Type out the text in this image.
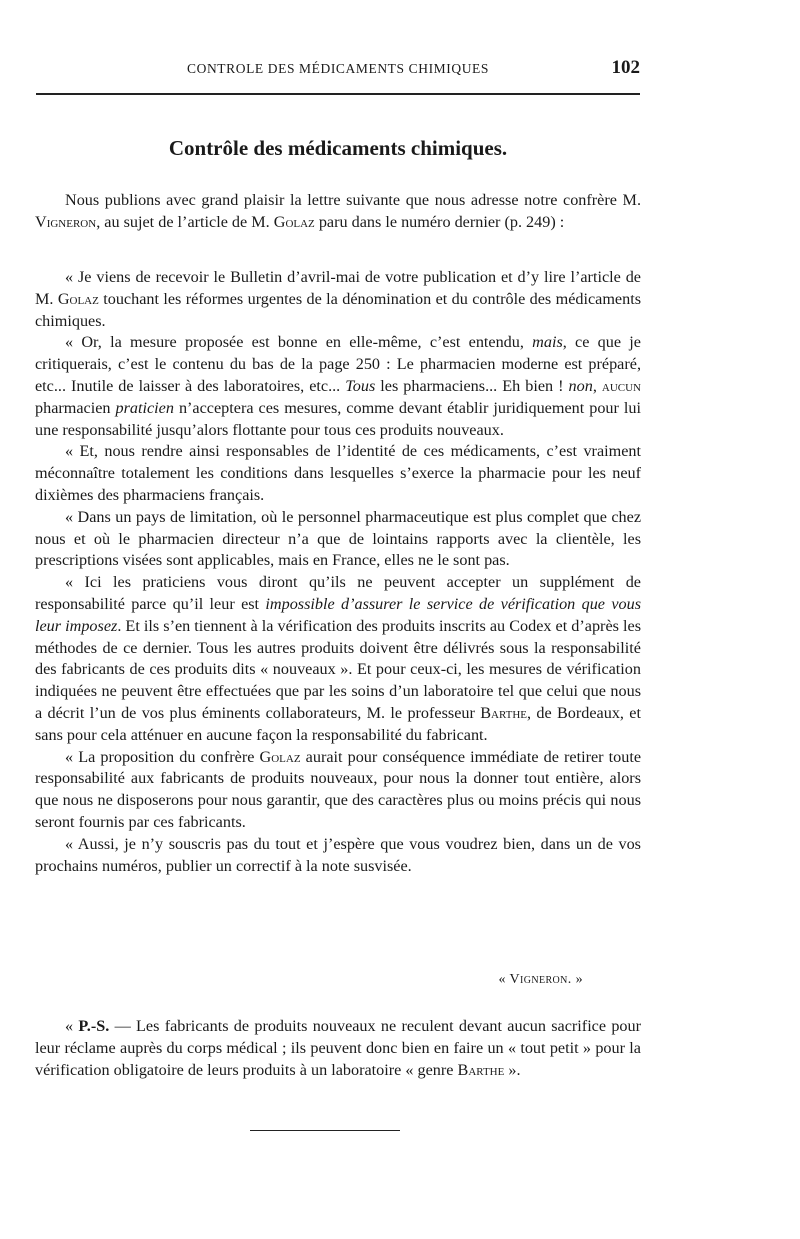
CONTROLE DES MÉDICAMENTS CHIMIQUES	102
Contrôle des médicaments chimiques.

Nous publions avec grand plaisir la lettre suivante que nous adresse notre confrère M. Vigneron, au sujet de l’article de M. Golaz paru dans le numéro dernier (p. 249) :

« Je viens de recevoir le Bulletin d’avril-mai de votre publication et d’y lire l’article de M. Golaz touchant les réformes urgentes de la dénomination et du contrôle des médicaments chimiques.

« Or, la mesure proposée est bonne en elle-même, c’est entendu, mais, ce que je critiquerais, c’est le contenu du bas de la page 250 : Le pharmacien moderne est préparé, etc... Inutile de laisser à des laboratoires, etc... Tous les pharmaciens... Eh bien ! non, aucun pharmacien praticien n’acceptera ces mesures, comme devant établir juridiquement pour lui une responsabilité jusqu’alors flottante pour tous ces produits nouveaux.

« Et, nous rendre ainsi responsables de l’identité de ces médicaments, c’est vraiment méconnaître totalement les conditions dans lesquelles s’exerce la pharmacie pour les neuf dixièmes des pharmaciens français.

« Dans un pays de limitation, où le personnel pharmaceutique est plus complet que chez nous et où le pharmacien directeur n’a que de lointains rapports avec la clientèle, les prescriptions visées sont applicables, mais en France, elles ne le sont pas.

« Ici les praticiens vous diront qu’ils ne peuvent accepter un supplément de responsabilité parce qu’il leur est impossible d’assurer le service de vérification que vous leur imposez. Et ils s’en tiennent à la vérification des produits inscrits au Codex et d’après les méthodes de ce dernier. Tous les autres produits doivent être délivrés sous la responsabilité des fabricants de ces produits dits « nouveaux ». Et pour ceux-ci, les mesures de vérification indiquées ne peuvent être effectuées que par les soins d’un laboratoire tel que celui que nous a décrit l’un de vos plus éminents collaborateurs, M. le professeur Barthe, de Bordeaux, et sans pour cela atténuer en aucune façon la responsabilité du fabricant.

« La proposition du confrère Golaz aurait pour conséquence immédiate de retirer toute responsabilité aux fabricants de produits nouveaux, pour nous la donner tout entière, alors que nous ne disposerons pour nous garantir, que des caractères plus ou moins précis qui nous seront fournis par ces fabricants.

« Aussi, je n’y souscris pas du tout et j’espère que vous voudrez bien, dans un de vos prochains numéros, publier un correctif à la note susvisée.

« Vigneron. »

« P.-S. — Les fabricants de produits nouveaux ne reculent devant aucun sacrifice pour leur réclame auprès du corps médical ; ils peuvent donc bien en faire un « tout petit » pour la vérification obligatoire de leurs produits à un laboratoire « genre Barthe ».
